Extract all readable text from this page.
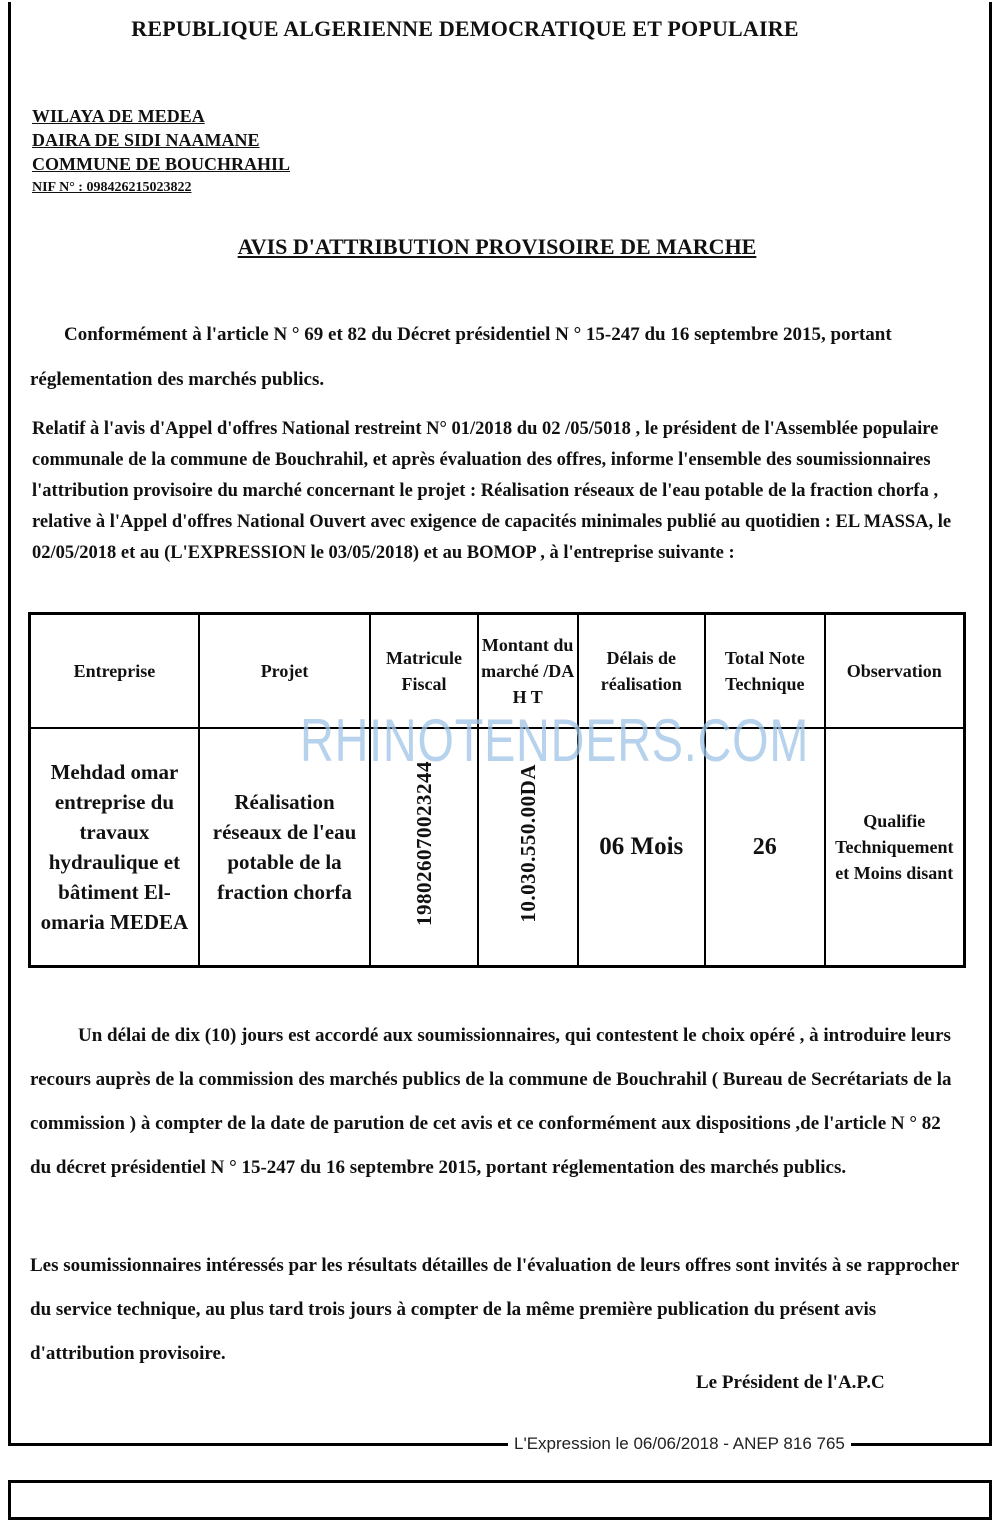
REPUBLIQUE ALGERIENNE DEMOCRATIQUE ET POPULAIRE
WILAYA DE MEDEA
DAIRA DE SIDI NAAMANE
COMMUNE DE BOUCHRAHIL
NIF N° : 098426215023822
AVIS D'ATTRIBUTION PROVISOIRE DE MARCHE
Conformément à l'article N ° 69 et 82 du Décret présidentiel N ° 15-247 du 16 septembre 2015, portant réglementation des marchés publics.
Relatif à l'avis d'Appel d'offres National restreint N° 01/2018 du 02 /05/5018 , le président de l'Assemblée populaire communale de la commune de Bouchrahil, et après évaluation des offres, informe l'ensemble des soumissionnaires l'attribution provisoire du marché concernant le projet : Réalisation réseaux de l'eau potable de la fraction chorfa , relative à l'Appel d'offres National Ouvert avec exigence de capacités minimales publié au quotidien : EL MASSA, le 02/05/2018 et au (L'EXPRESSION le 03/05/2018) et au BOMOP , à l'entreprise suivante :
Entreprise	Projet	Matricule Fiscal	Montant du marché /DA H T	Délais de réalisation	Total Note Technique	Observation
Mehdad omar entreprise du travaux hydraulique et bâtiment El- omaria MEDEA	Réalisation réseaux de l'eau potable de la fraction chorfa	198026070023244	10.030.550.00DA	06 Mois	26	Qualifie Techniquement et Moins disant
RHINOTENDERS.COM
Un délai de dix (10) jours est accordé aux soumissionnaires, qui contestent le choix opéré , à introduire leurs recours auprès de la commission des marchés publics de la commune de Bouchrahil ( Bureau de Secrétariats de la commission ) à compter de la date de parution de cet avis et ce conformément aux dispositions ,de l'article N ° 82 du décret présidentiel N ° 15-247 du 16 septembre 2015, portant réglementation des marchés publics.
Les soumissionnaires intéressés par les résultats détailles de l'évaluation de leurs offres sont invités à se rapprocher du service technique, au plus tard trois jours à compter de la même première publication du présent avis d'attribution provisoire.
Le Président de l'A.P.C
L'Expression le 06/06/2018 - ANEP 816 765
